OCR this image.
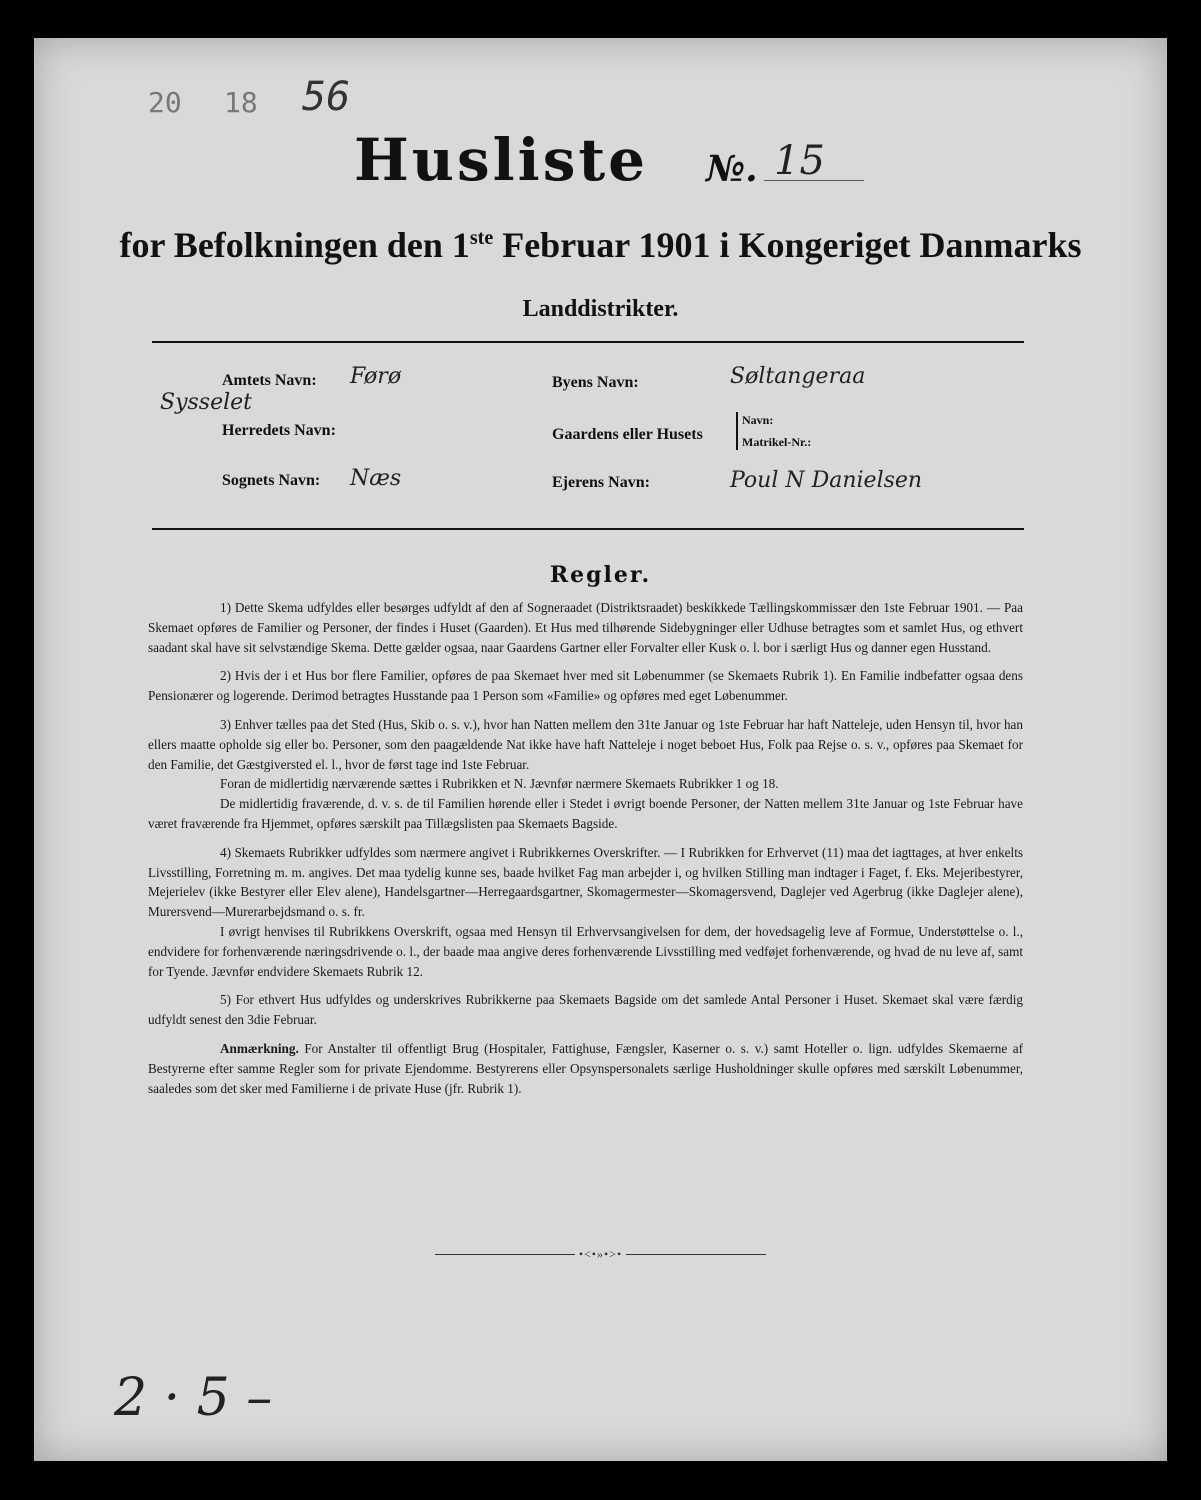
20 18 56
Husliste №. 15
for Befolkningen den 1ste Februar 1901 i Kongeriget Danmarks
Landdistrikter.
Amtets Navn: Førø
Sysselet
Herredets Navn:
Sognets Navn: Næs
Byens Navn:	Søltangeraa
Gaardens eller Husets
Navn:
Matrikel-Nr.:
Ejerens Navn:	Poul N Danielsen
Regler.

1) Dette Skema udfyldes eller besørges udfyldt af den af Sogneraadet (Distriktsraadet) beskikkede Tællingskommissær den 1ste Februar 1901. — Paa Skemaet opføres de Familier og Personer, der findes i Huset (Gaarden). Et Hus med tilhørende Sidebygninger eller Udhuse betragtes som et samlet Hus, og ethvert saadant skal have sit selvstændige Skema. Dette gælder ogsaa, naar Gaardens Gartner eller Forvalter eller Kusk o. l. bor i særligt Hus og danner egen Husstand.

2) Hvis der i et Hus bor flere Familier, opføres de paa Skemaet hver med sit Løbenummer (se Skemaets Rubrik 1). En Familie indbefatter ogsaa dens Pensionærer og logerende. Derimod betragtes Husstande paa 1 Person som «Familie» og opføres med eget Løbenummer.

3) Enhver tælles paa det Sted (Hus, Skib o. s. v.), hvor han Natten mellem den 31te Januar og 1ste Februar har haft Natteleje, uden Hensyn til, hvor han ellers maatte opholde sig eller bo. Personer, som den paagældende Nat ikke have haft Natteleje i noget beboet Hus, Folk paa Rejse o. s. v., opføres paa Skemaet for den Familie, det Gæstgiversted el. l., hvor de først tage ind 1ste Februar.

Foran de midlertidig nærværende sættes i Rubrikken et N. Jævnfør nærmere Skemaets Rubrikker 1 og 18.

De midlertidig fraværende, d. v. s. de til Familien hørende eller i Stedet i øvrigt boende Personer, der Natten mellem 31te Januar og 1ste Februar have været fraværende fra Hjemmet, opføres særskilt paa Tillægslisten paa Skemaets Bagside.

4) Skemaets Rubrikker udfyldes som nærmere angivet i Rubrikkernes Overskrifter. — I Rubrikken for Erhvervet (11) maa det iagttages, at hver enkelts Livsstilling, Forretning m. m. angives. Det maa tydelig kunne ses, baade hvilket Fag man arbejder i, og hvilken Stilling man indtager i Faget, f. Eks. Mejeribestyrer, Mejerielev (ikke Bestyrer eller Elev alene), Handelsgartner—Herregaardsgartner, Skomagermester—Skomagersvend, Daglejer ved Agerbrug (ikke Daglejer alene), Murersvend—Murerarbejdsmand o. s. fr.

I øvrigt henvises til Rubrikkens Overskrift, ogsaa med Hensyn til Erhvervsangivelsen for dem, der hovedsagelig leve af Formue, Understøttelse o. l., endvidere for forhenværende næringsdrivende o. l., der baade maa angive deres forhenværende Livsstilling med vedføjet forhenværende, og hvad de nu leve af, samt for Tyende. Jævnfør endvidere Skemaets Rubrik 12.

5) For ethvert Hus udfyldes og underskrives Rubrikkerne paa Skemaets Bagside om det samlede Antal Personer i Huset. Skemaet skal være færdig udfyldt senest den 3die Februar.

Anmærkning. For Anstalter til offentligt Brug (Hospitaler, Fattighuse, Fængsler, Kaserner o. s. v.) samt Hoteller o. lign. udfyldes Skemaerne af Bestyrerne efter samme Regler som for private Ejendomme. Bestyrerens eller Opsynspersonalets særlige Husholdninger skulle opføres med særskilt Løbenummer, saaledes som det sker med Familierne i de private Huse (jfr. Rubrik 1).

•<•»•>•
2 · 5 –
